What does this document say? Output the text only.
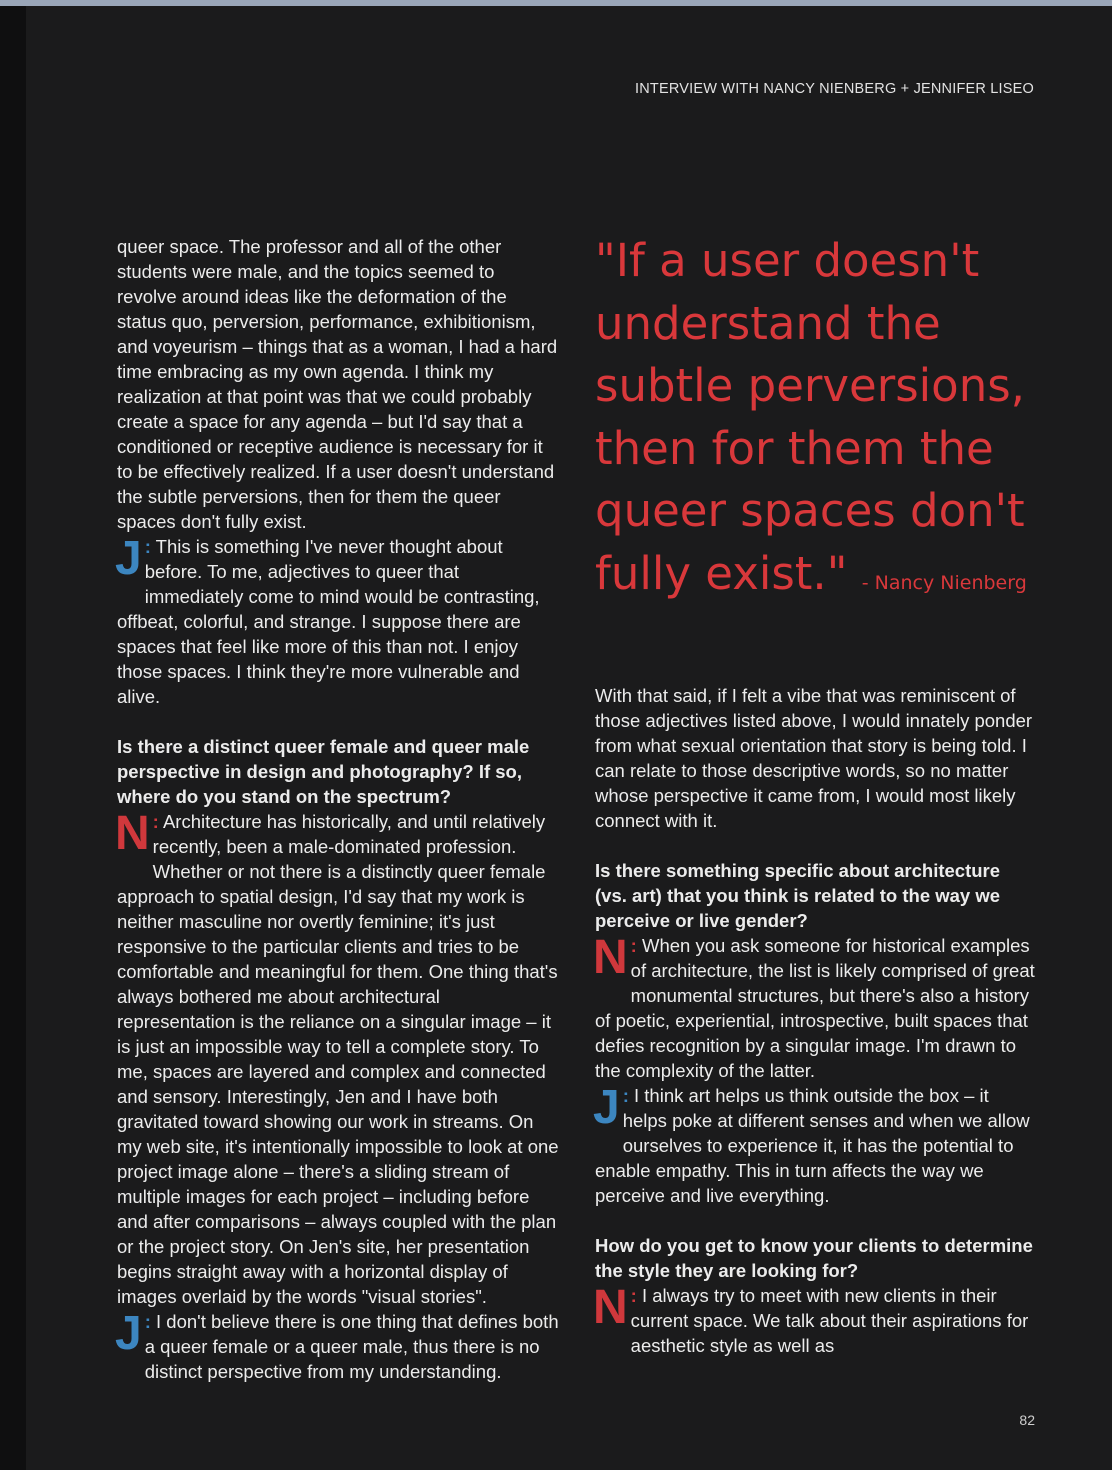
INTERVIEW WITH NANCY NIENBERG + JENNIFER LISEO

queer space. The professor and all of the other students were male, and the topics seemed to revolve around ideas like the deformation of the status quo, perversion, performance, exhibitionism, and voyeurism – things that as a woman, I had a hard time embracing as my own agenda. I think my realization at that point was that we could probably create a space for any agenda – but I'd say that a conditioned or receptive audience is necessary for it to be effectively realized. If a user doesn't understand the subtle perversions, then for them the queer spaces don't fully exist.

J : This is something I've never thought about before. To me, adjectives to queer that immediately come to mind would be contrasting, offbeat, colorful, and strange. I suppose there are spaces that feel like more of this than not. I enjoy those spaces. I think they're more vulnerable and alive.

Is there a distinct queer female and queer male perspective in design and photography? If so, where do you stand on the spectrum?

N : Architecture has historically, and until relatively recently, been a male-dominated profession. Whether or not there is a distinctly queer female approach to spatial design, I'd say that my work is neither masculine nor overtly feminine; it's just responsive to the particular clients and tries to be comfortable and meaningful for them. One thing that's always bothered me about architectural representation is the reliance on a singular image – it is just an impossible way to tell a complete story. To me, spaces are layered and complex and connected and sensory. Interestingly, Jen and I have both gravitated toward showing our work in streams. On my web site, it's intentionally impossible to look at one project image alone – there's a sliding stream of multiple images for each project – including before and after comparisons – always coupled with the plan or the project story. On Jen's site, her presentation begins straight away with a horizontal display of images overlaid by the words "visual stories".

J : I don't believe there is one thing that defines both a queer female or a queer male, thus there is no distinct perspective from my understanding.

"If a user doesn't understand the subtle perversions, then for them the queer spaces don't fully exist." - Nancy Nienberg

With that said, if I felt a vibe that was reminiscent of those adjectives listed above, I would innately ponder from what sexual orientation that story is being told. I can relate to those descriptive words, so no matter whose perspective it came from, I would most likely connect with it.

Is there something specific about architecture (vs. art) that you think is related to the way we perceive or live gender?

N : When you ask someone for historical examples of architecture, the list is likely comprised of great monumental structures, but there's also a history of poetic, experiential, introspective, built spaces that defies recognition by a singular image. I'm drawn to the complexity of the latter.

J : I think art helps us think outside the box – it helps poke at different senses and when we allow ourselves to experience it, it has the potential to enable empathy. This in turn affects the way we perceive and live everything.

How do you get to know your clients to determine the style they are looking for?

N : I always try to meet with new clients in their current space. We talk about their aspirations for aesthetic style as well as

82
